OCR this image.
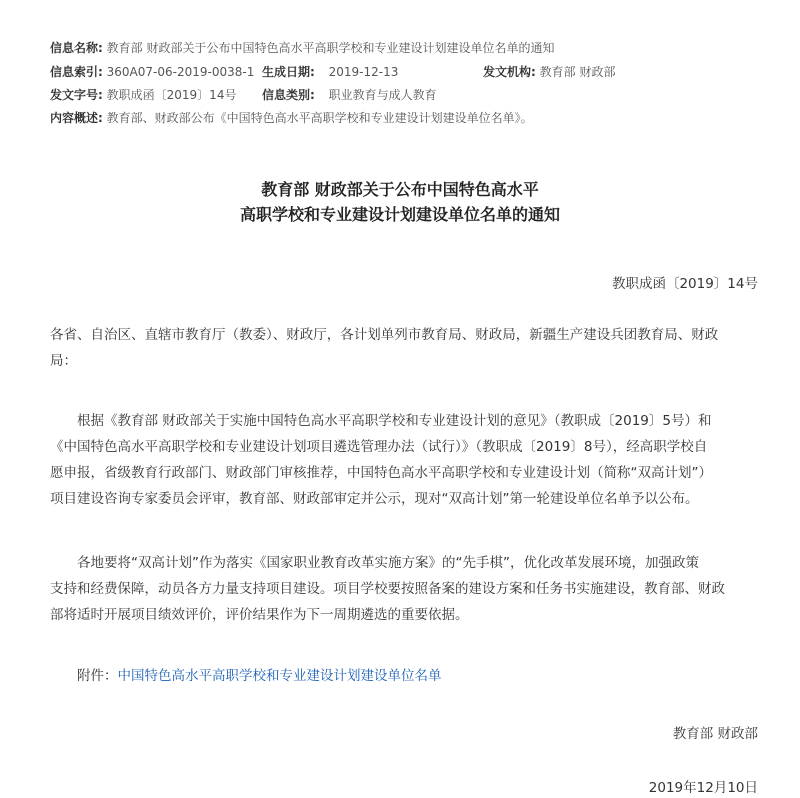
信息名称: 教育部 财政部关于公布中国特色高水平高职学校和专业建设计划建设单位名单的通知
信息索引: 360A07-06-2019-0038-1 生成日期: 2019-12-13	发文机构: 教育部 财政部
发文字号: 教职成函〔2019〕14号 信息类别: 职业教育与成人教育
内容概述: 教育部、财政部公布《中国特色高水平高职学校和专业建设计划建设单位名单》。
教育部 财政部关于公布中国特色高水平
高职学校和专业建设计划建设单位名单的通知
教职成函〔2019〕14号

各省、自治区、直辖市教育厅（教委）、财政厅，各计划单列市教育局、财政局，新疆生产建设兵团教育局、财政

局：

根据《教育部 财政部关于实施中国特色高水平高职学校和专业建设计划的意见》（教职成〔2019〕5号）和

《中国特色高水平高职学校和专业建设计划项目遴选管理办法（试行）》（教职成〔2019〕8号），经高职学校自

愿申报，省级教育行政部门、财政部门审核推荐，中国特色高水平高职学校和专业建设计划（简称“双高计划”）

项目建设咨询专家委员会评审，教育部、财政部审定并公示，现对“双高计划”第一轮建设单位名单予以公布。

各地要将“双高计划”作为落实《国家职业教育改革实施方案》的“先手棋”，优化改革发展环境，加强政策

支持和经费保障，动员各方力量支持项目建设。项目学校要按照备案的建设方案和任务书实施建设，教育部、财政

部将适时开展项目绩效评价，评价结果作为下一周期遴选的重要依据。

附件：中国特色高水平高职学校和专业建设计划建设单位名单
教育部 财政部
2019年12月10日
